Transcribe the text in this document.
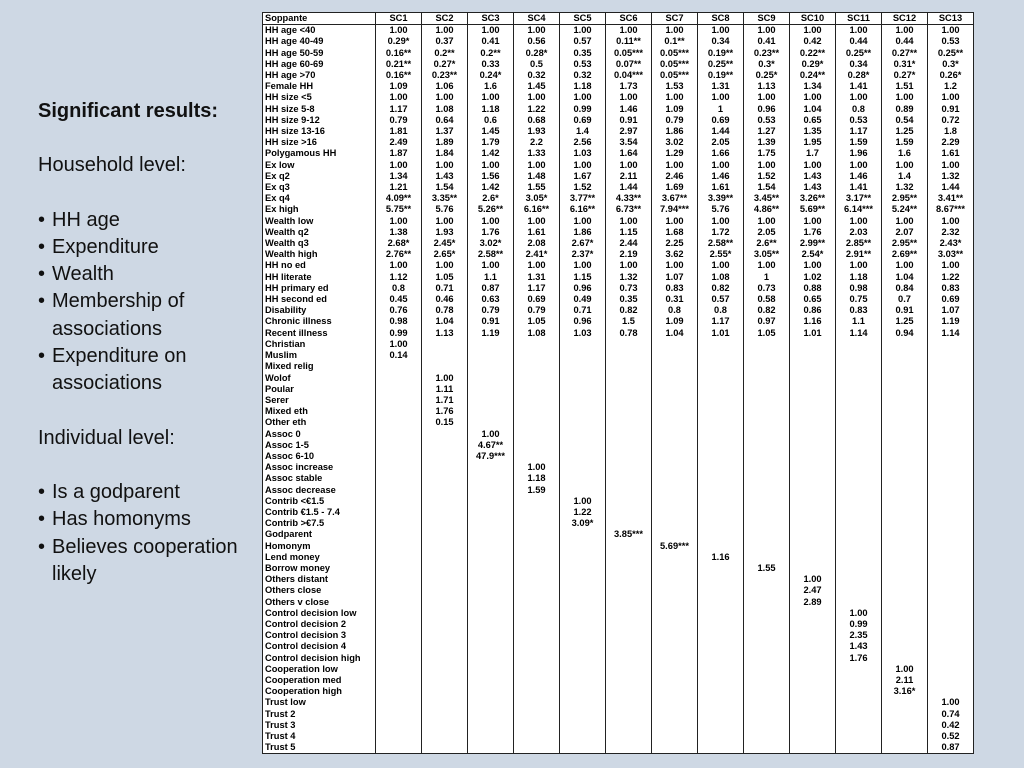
Significant results:
Household level:
• HH age
• Expenditure
• Wealth
• Membership of associations
• Expenditure on associations
Individual level:
• Is a godparent
• Has homonyms
• Believes cooperation likely
Soppante	SC1	SC2	SC3	SC4	SC5	SC6	SC7	SC8	SC9	SC10	SC11	SC12	SC13
HH age <40	1.00	1.00	1.00	1.00	1.00	1.00	1.00	1.00	1.00	1.00	1.00	1.00	1.00
HH age 40-49	0.29*	0.37	0.41	0.56	0.57	0.11**	0.1**	0.34	0.41	0.42	0.44	0.44	0.53
HH age 50-59	0.16**	0.2**	0.2**	0.28*	0.35	0.05***	0.05***	0.19**	0.23**	0.22**	0.25**	0.27**	0.25**
HH age 60-69	0.21**	0.27*	0.33	0.5	0.53	0.07**	0.05***	0.25**	0.3*	0.29*	0.34	0.31*	0.3*
HH age >70	0.16**	0.23**	0.24*	0.32	0.32	0.04***	0.05***	0.19**	0.25*	0.24**	0.28*	0.27*	0.26*
Female HH	1.09	1.06	1.6	1.45	1.18	1.73	1.53	1.31	1.13	1.34	1.41	1.51	1.2
HH size <5	1.00	1.00	1.00	1.00	1.00	1.00	1.00	1.00	1.00	1.00	1.00	1.00	1.00
HH size 5-8	1.17	1.08	1.18	1.22	0.99	1.46	1.09	1	0.96	1.04	0.8	0.89	0.91
HH size 9-12	0.79	0.64	0.6	0.68	0.69	0.91	0.79	0.69	0.53	0.65	0.53	0.54	0.72
HH size 13-16	1.81	1.37	1.45	1.93	1.4	2.97	1.86	1.44	1.27	1.35	1.17	1.25	1.8
HH size >16	2.49	1.89	1.79	2.2	2.56	3.54	3.02	2.05	1.39	1.95	1.59	1.59	2.29
Polygamous HH	1.87	1.84	1.42	1.33	1.03	1.64	1.29	1.66	1.75	1.7	1.96	1.6	1.61
Ex low	1.00	1.00	1.00	1.00	1.00	1.00	1.00	1.00	1.00	1.00	1.00	1.00	1.00
Ex q2	1.34	1.43	1.56	1.48	1.67	2.11	2.46	1.46	1.52	1.43	1.46	1.4	1.32
Ex q3	1.21	1.54	1.42	1.55	1.52	1.44	1.69	1.61	1.54	1.43	1.41	1.32	1.44
Ex q4	4.09**	3.35**	2.6*	3.05*	3.77**	4.33**	3.67**	3.39**	3.45**	3.26**	3.17**	2.95**	3.41**
Ex high	5.75**	5.76	5.26**	6.16**	6.16**	6.73**	7.94***	5.76	4.86**	5.69**	6.14***	5.24**	8.67***
Wealth low	1.00	1.00	1.00	1.00	1.00	1.00	1.00	1.00	1.00	1.00	1.00	1.00	1.00
Wealth q2	1.38	1.93	1.76	1.61	1.86	1.15	1.68	1.72	2.05	1.76	2.03	2.07	2.32
Wealth q3	2.68*	2.45*	3.02*	2.08	2.67*	2.44	2.25	2.58**	2.6**	2.99**	2.85**	2.95**	2.43*
Wealth high	2.76**	2.65*	2.58**	2.41*	2.37*	2.19	3.62	2.55*	3.05**	2.54*	2.91**	2.69**	3.03**
HH no ed	1.00	1.00	1.00	1.00	1.00	1.00	1.00	1.00	1.00	1.00	1.00	1.00	1.00
HH literate	1.12	1.05	1.1	1.31	1.15	1.32	1.07	1.08	1	1.02	1.18	1.04	1.22
HH primary ed	0.8	0.71	0.87	1.17	0.96	0.73	0.83	0.82	0.73	0.88	0.98	0.84	0.83
HH second ed	0.45	0.46	0.63	0.69	0.49	0.35	0.31	0.57	0.58	0.65	0.75	0.7	0.69
Disability	0.76	0.78	0.79	0.79	0.71	0.82	0.8	0.8	0.82	0.86	0.83	0.91	1.07
Chronic illness	0.98	1.04	0.91	1.05	0.96	1.5	1.09	1.17	0.97	1.16	1.1	1.25	1.19
Recent illness	0.99	1.13	1.19	1.08	1.03	0.78	1.04	1.01	1.05	1.01	1.14	0.94	1.14
Christian	1.00												
Muslim	0.14												
Mixed relig													
Wolof		1.00											
Poular		1.11											
Serer		1.71											
Mixed eth		1.76											
Other eth		0.15											
Assoc 0			1.00										
Assoc 1-5			4.67**										
Assoc 6-10			47.9***										
Assoc increase				1.00									
Assoc stable				1.18									
Assoc decrease				1.59									
Contrib <€1.5					1.00								
Contrib €1.5 - 7.4					1.22								
Contrib >€7.5					3.09*								
Godparent						3.85***							
Homonym							5.69***						
Lend money								1.16					
Borrow money									1.55				
Others distant										1.00			
Others close										2.47			
Others v close										2.89			
Control decision low											1.00		
Control decision 2											0.99		
Control decision 3											2.35		
Control decision 4											1.43		
Control decision high											1.76		
Cooperation low												1.00	
Cooperation med												2.11	
Cooperation high												3.16*	
Trust low													1.00
Trust 2													0.74
Trust 3													0.42
Trust 4													0.52
Trust 5													0.87
